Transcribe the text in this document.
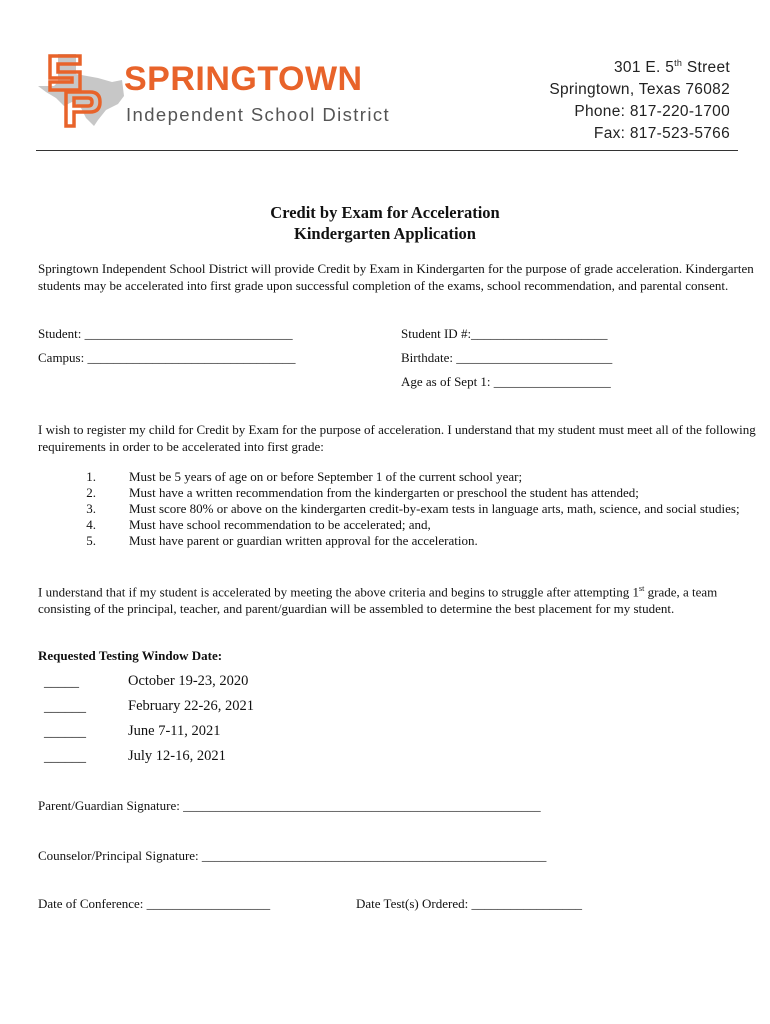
SPRINGTOWN
Independent School District
301 E. 5th Street
Springtown, Texas 76082
Phone: 817-220-1700
Fax: 817-523-5766
Credit by Exam for Acceleration
Kindergarten Application
Springtown Independent School District will provide Credit by Exam in Kindergarten for the purpose of grade acceleration. Kindergarten students may be accelerated into first grade upon successful completion of the exams, school recommendation, and parental consent.
Student: ________________________________	Student ID #:_____________________
Campus: ________________________________	Birthdate: ________________________
Age as of Sept 1: __________________
I wish to register my child for Credit by Exam for the purpose of acceleration. I understand that my student must meet all of the following requirements in order to be accelerated into first grade:
1.	Must be 5 years of age on or before September 1 of the current school year;
2.	Must have a written recommendation from the kindergarten or preschool the student has attended;
3.	Must score 80% or above on the kindergarten credit-by-exam tests in language arts, math, science, and social studies;
4.	Must have school recommendation to be accelerated; and,
5.	Must have parent or guardian written approval for the acceleration.
I understand that if my student is accelerated by meeting the above criteria and begins to struggle after attempting 1st grade, a team consisting of the principal, teacher, and parent/guardian will be assembled to determine the best placement for my student.
Requested Testing Window Date:
_____	October 19-23, 2020
______	February 22-26, 2021
______	June 7-11, 2021
______	July 12-16, 2021
Parent/Guardian Signature: _______________________________________________________
Counselor/Principal Signature: _____________________________________________________
Date of Conference: ___________________	Date Test(s) Ordered: _________________
